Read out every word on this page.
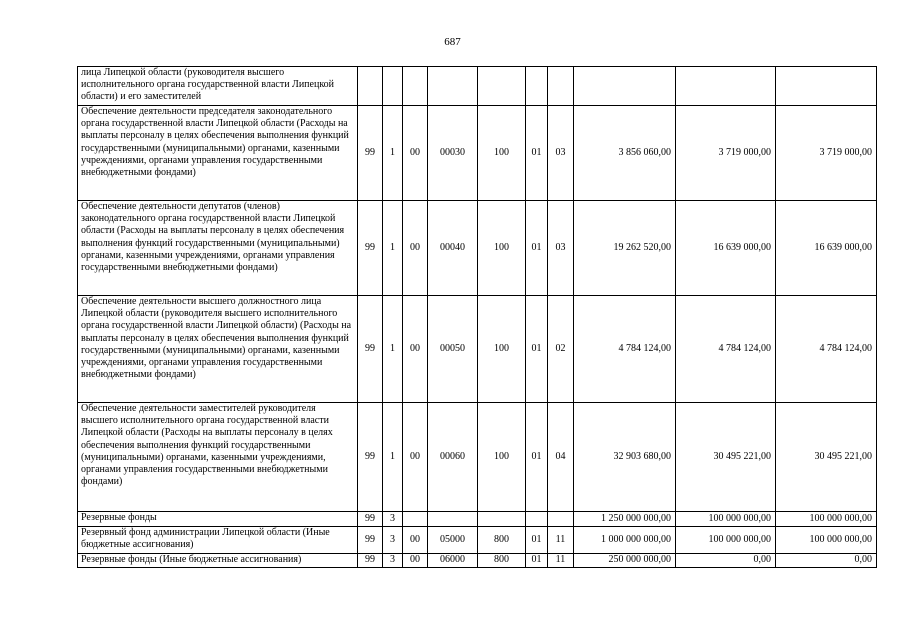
687
лица Липецкой области (руководителя высшего исполнительного органа государственной власти Липецкой области) и его заместителей										
Обеспечение деятельности председателя законодательного органа государственной власти Липецкой области (Расходы на выплаты персоналу в целях обеспечения выполнения функций государственными (муниципальными) органами, казенными учреждениями, органами управления государственными внебюджетными фондами)	99	1	00	00030	100	01	03	3 856 060,00	3 719 000,00	3 719 000,00
Обеспечение деятельности депутатов (членов) законодательного органа государственной власти Липецкой области (Расходы на выплаты персоналу в целях обеспечения выполнения функций государственными (муниципальными) органами, казенными учреждениями, органами управления государственными внебюджетными фондами)	99	1	00	00040	100	01	03	19 262 520,00	16 639 000,00	16 639 000,00
Обеспечение деятельности высшего должностного лица Липецкой области (руководителя высшего исполнительного органа государственной власти Липецкой области) (Расходы на выплаты персоналу в целях обеспечения выполнения функций государственными (муниципальными) органами, казенными учреждениями, органами управления государственными внебюджетными фондами)	99	1	00	00050	100	01	02	4 784 124,00	4 784 124,00	4 784 124,00
Обеспечение деятельности заместителей руководителя высшего исполнительного органа государственной власти Липецкой области (Расходы на выплаты персоналу в целях обеспечения выполнения функций государственными (муниципальными) органами, казенными учреждениями, органами управления государственными внебюджетными фондами)	99	1	00	00060	100	01	04	32 903 680,00	30 495 221,00	30 495 221,00
Резервные фонды	99	3						1 250 000 000,00	100 000 000,00	100 000 000,00
Резервный фонд администрации Липецкой области (Иные бюджетные ассигнования)	99	3	00	05000	800	01	11	1 000 000 000,00	100 000 000,00	100 000 000,00
Резервные фонды (Иные бюджетные ассигнования)	99	3	00	06000	800	01	11	250 000 000,00	0,00	0,00
